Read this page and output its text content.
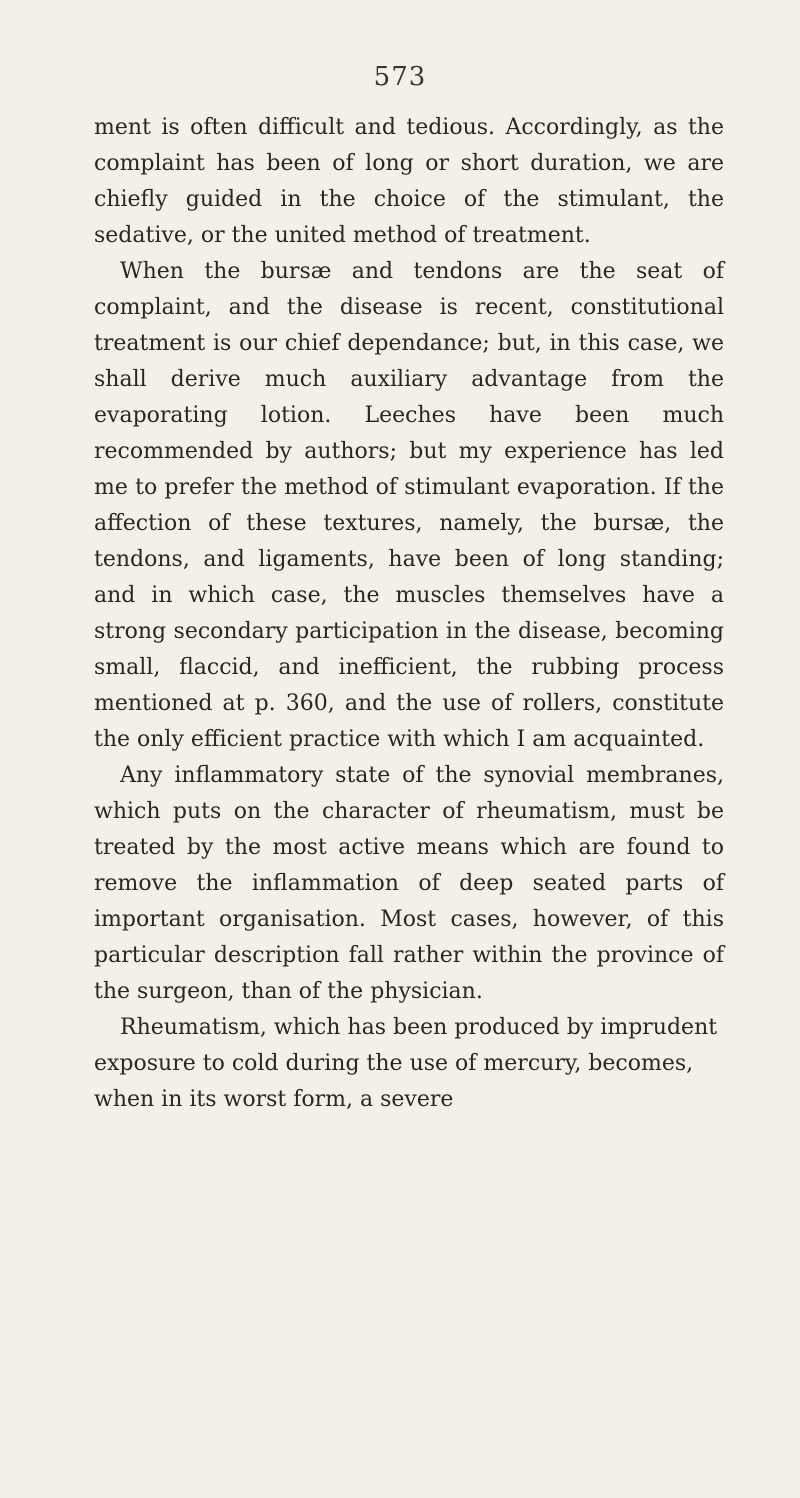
573

ment is often difficult and tedious. Accordingly, as the complaint has been of long or short duration, we are chiefly guided in the choice of the stimulant, the sedative, or the united method of treatment.

When the bursæ and tendons are the seat of complaint, and the disease is recent, constitutional treatment is our chief dependance; but, in this case, we shall derive much auxiliary advantage from the evaporating lotion. Leeches have been much recommended by authors; but my experience has led me to prefer the method of stimulant evaporation. If the affection of these textures, namely, the bursæ, the tendons, and ligaments, have been of long standing; and in which case, the muscles themselves have a strong secondary participation in the disease, becoming small, flaccid, and inefficient, the rubbing process mentioned at p. 360, and the use of rollers, constitute the only efficient practice with which I am acquainted.

Any inflammatory state of the synovial membranes, which puts on the character of rheumatism, must be treated by the most active means which are found to remove the inflammation of deep seated parts of important organisation. Most cases, however, of this particular description fall rather within the province of the surgeon, than of the physician.

Rheumatism, which has been produced by imprudent exposure to cold during the use of mercury, becomes, when in its worst form, a severe
